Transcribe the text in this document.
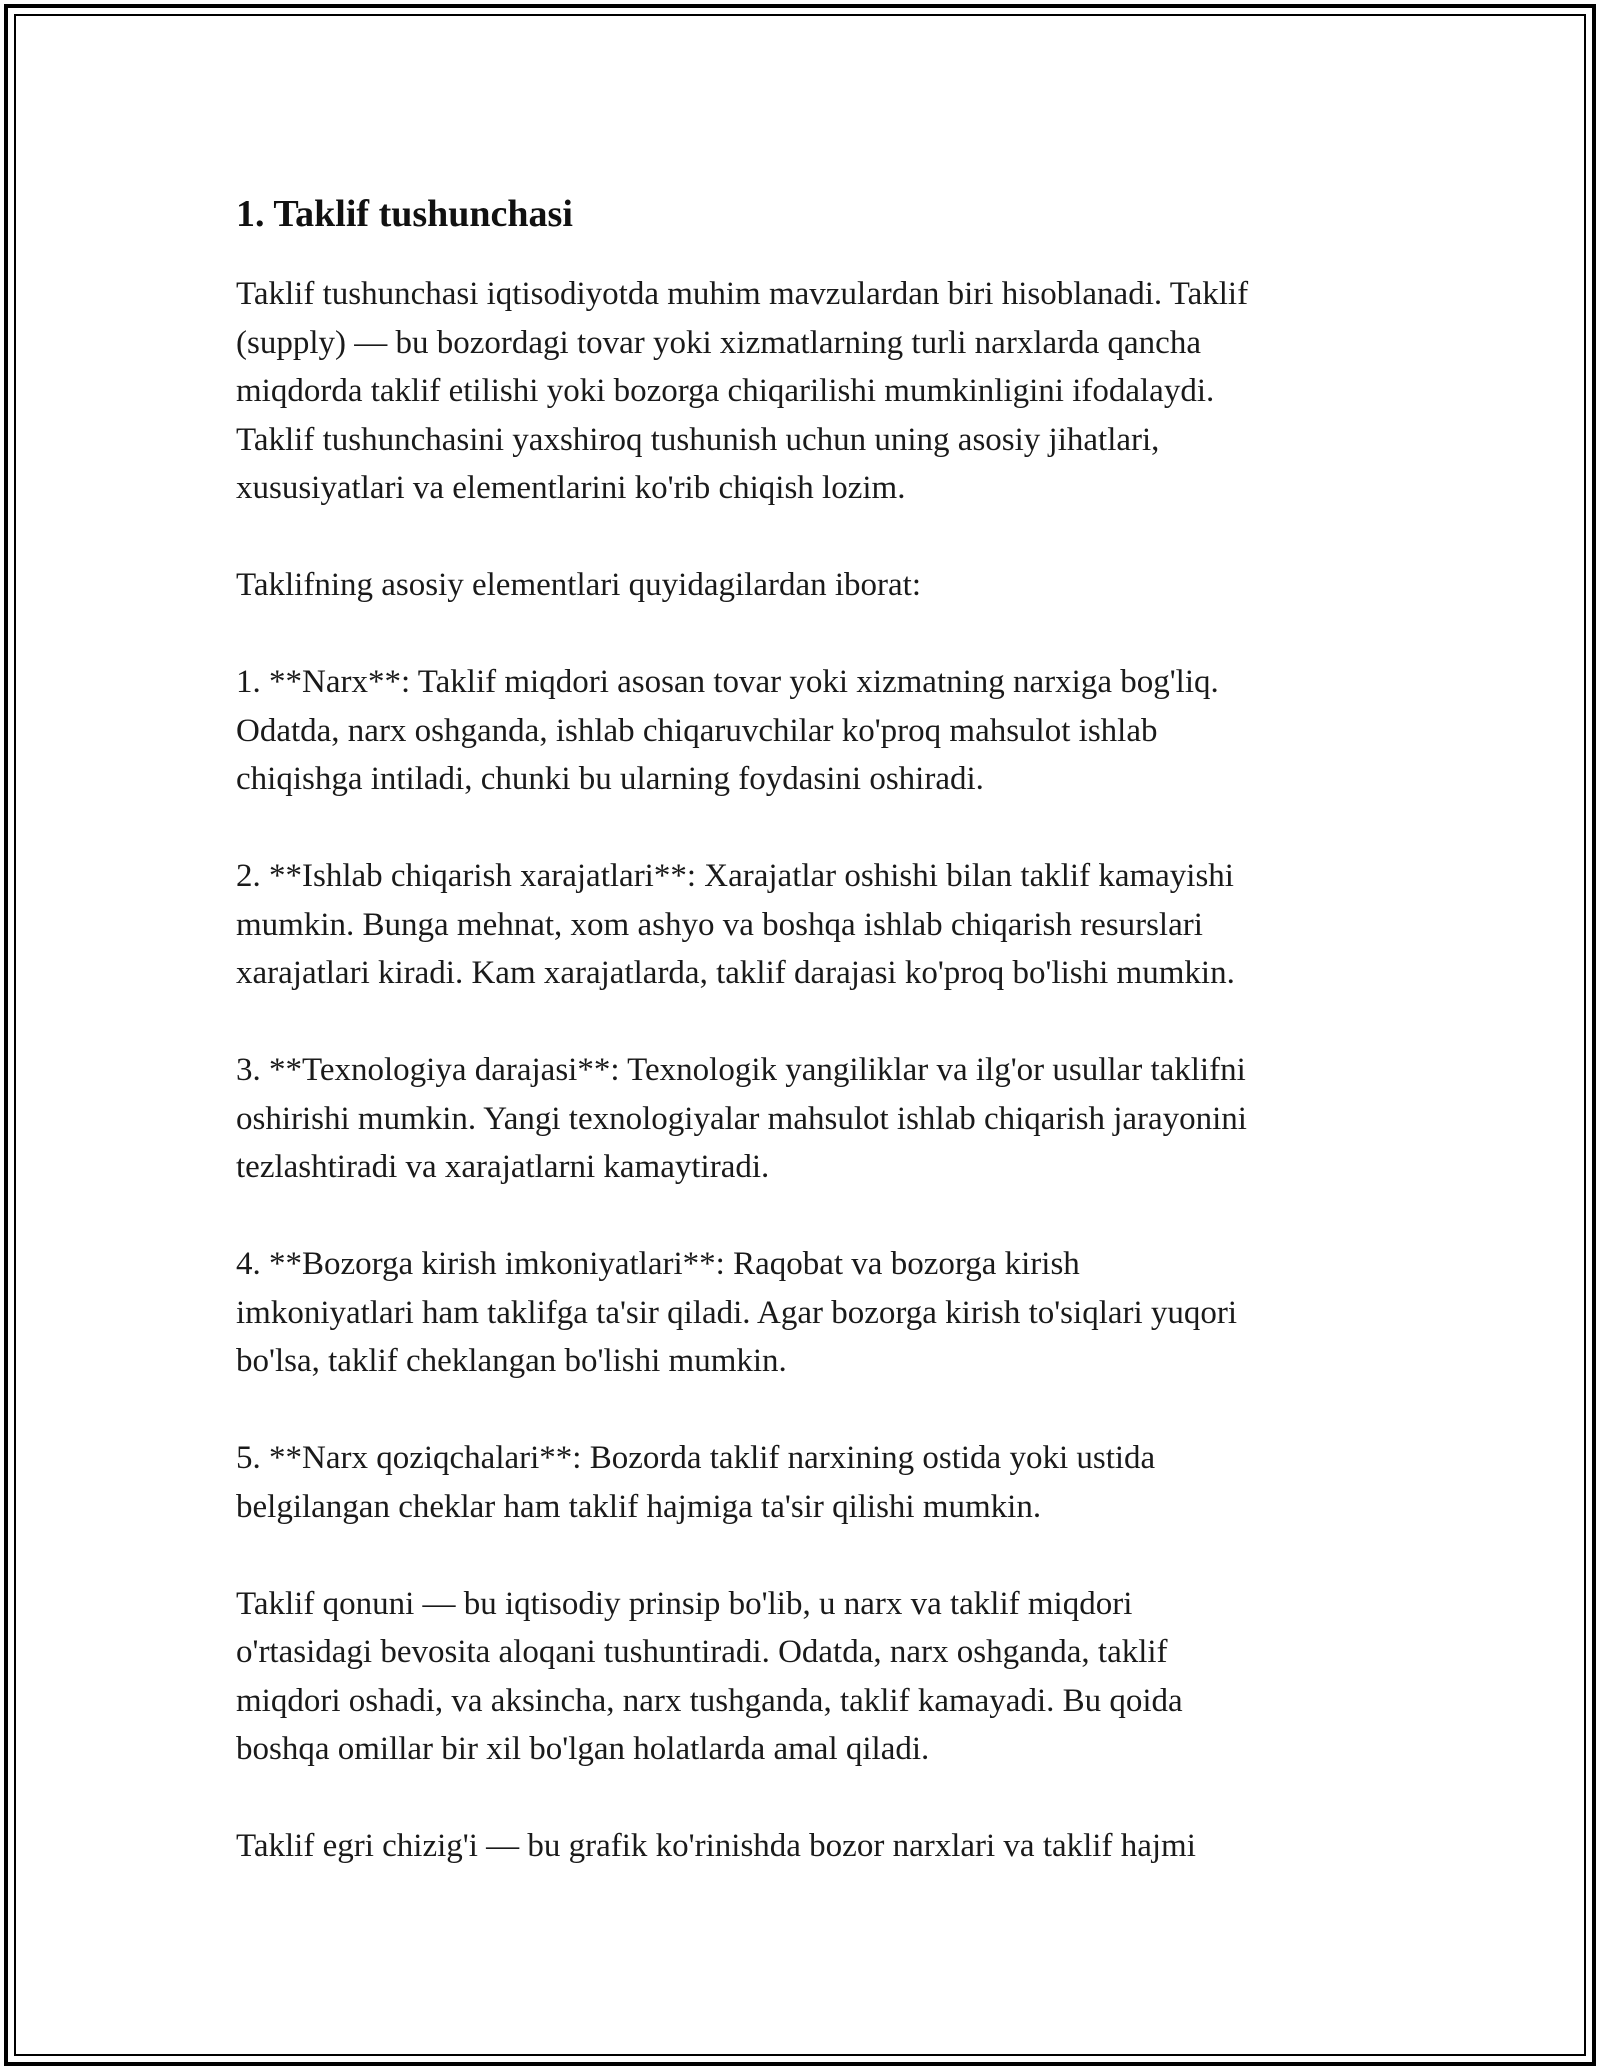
1. Taklif tushunchasi
Taklif tushunchasi iqtisodiyotda muhim mavzulardan biri hisoblanadi. Taklif
(supply) — bu bozordagi tovar yoki xizmatlarning turli narxlarda qancha
miqdorda taklif etilishi yoki bozorga chiqarilishi mumkinligini ifodalaydi.
Taklif tushunchasini yaxshiroq tushunish uchun uning asosiy jihatlari,
xususiyatlari va elementlarini ko'rib chiqish lozim.
Taklifning asosiy elementlari quyidagilardan iborat:
1. **Narx**: Taklif miqdori asosan tovar yoki xizmatning narxiga bog'liq.
Odatda, narx oshganda, ishlab chiqaruvchilar ko'proq mahsulot ishlab
chiqishga intiladi, chunki bu ularning foydasini oshiradi.
2. **Ishlab chiqarish xarajatlari**: Xarajatlar oshishi bilan taklif kamayishi
mumkin. Bunga mehnat, xom ashyo va boshqa ishlab chiqarish resurslari
xarajatlari kiradi. Kam xarajatlarda, taklif darajasi ko'proq bo'lishi mumkin.
3. **Texnologiya darajasi**: Texnologik yangiliklar va ilg'or usullar taklifni
oshirishi mumkin. Yangi texnologiyalar mahsulot ishlab chiqarish jarayonini
tezlashtiradi va xarajatlarni kamaytiradi.
4. **Bozorga kirish imkoniyatlari**: Raqobat va bozorga kirish
imkoniyatlari ham taklifga ta'sir qiladi. Agar bozorga kirish to'siqlari yuqori
bo'lsa, taklif cheklangan bo'lishi mumkin.
5. **Narx qoziqchalari**: Bozorda taklif narxining ostida yoki ustida
belgilangan cheklar ham taklif hajmiga ta'sir qilishi mumkin.
Taklif qonuni — bu iqtisodiy prinsip bo'lib, u narx va taklif miqdori
o'rtasidagi bevosita aloqani tushuntiradi. Odatda, narx oshganda, taklif
miqdori oshadi, va aksincha, narx tushganda, taklif kamayadi. Bu qoida
boshqa omillar bir xil bo'lgan holatlarda amal qiladi.
Taklif egri chizig'i — bu grafik ko'rinishda bozor narxlari va taklif hajmi
